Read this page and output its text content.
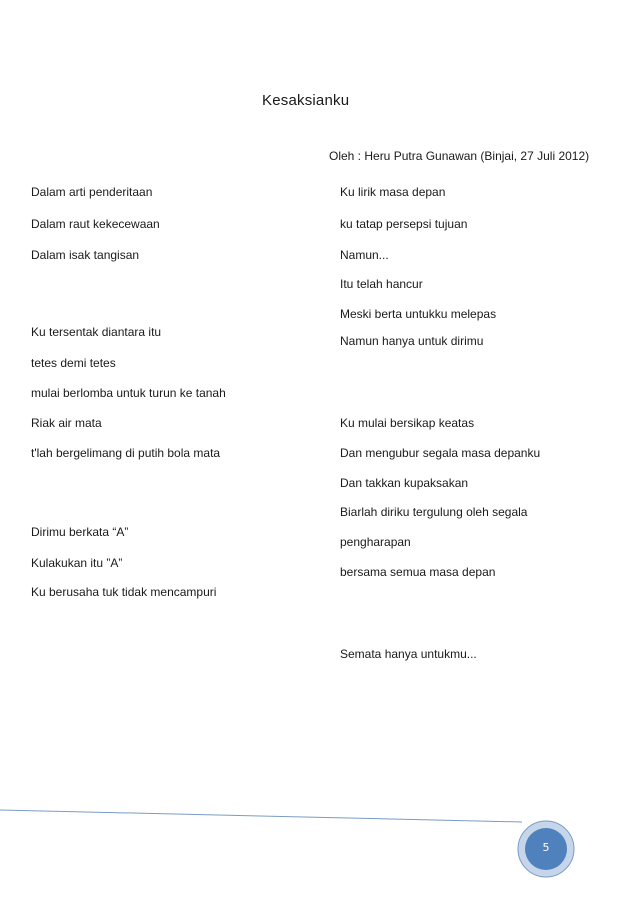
Kesaksianku
Oleh : Heru Putra Gunawan (Binjai, 27 Juli 2012)
Dalam arti penderitaan
Dalam raut kekecewaan
Dalam isak tangisan
Ku tersentak diantara itu
tetes demi tetes
mulai berlomba untuk turun ke tanah
Riak air mata
t'lah bergelimang di putih bola mata
Dirimu berkata “A”
Kulakukan itu ”A”
Ku berusaha tuk tidak mencampuri
Ku lirik masa depan
ku tatap persepsi tujuan
Namun...
Itu telah hancur
Meski berta untukku melepas
Namun hanya untuk dirimu
Ku mulai bersikap keatas
Dan mengubur segala masa depanku
Dan takkan kupaksakan
Biarlah diriku tergulung oleh segala
pengharapan
bersama semua masa depan
Semata hanya untukmu...
5
